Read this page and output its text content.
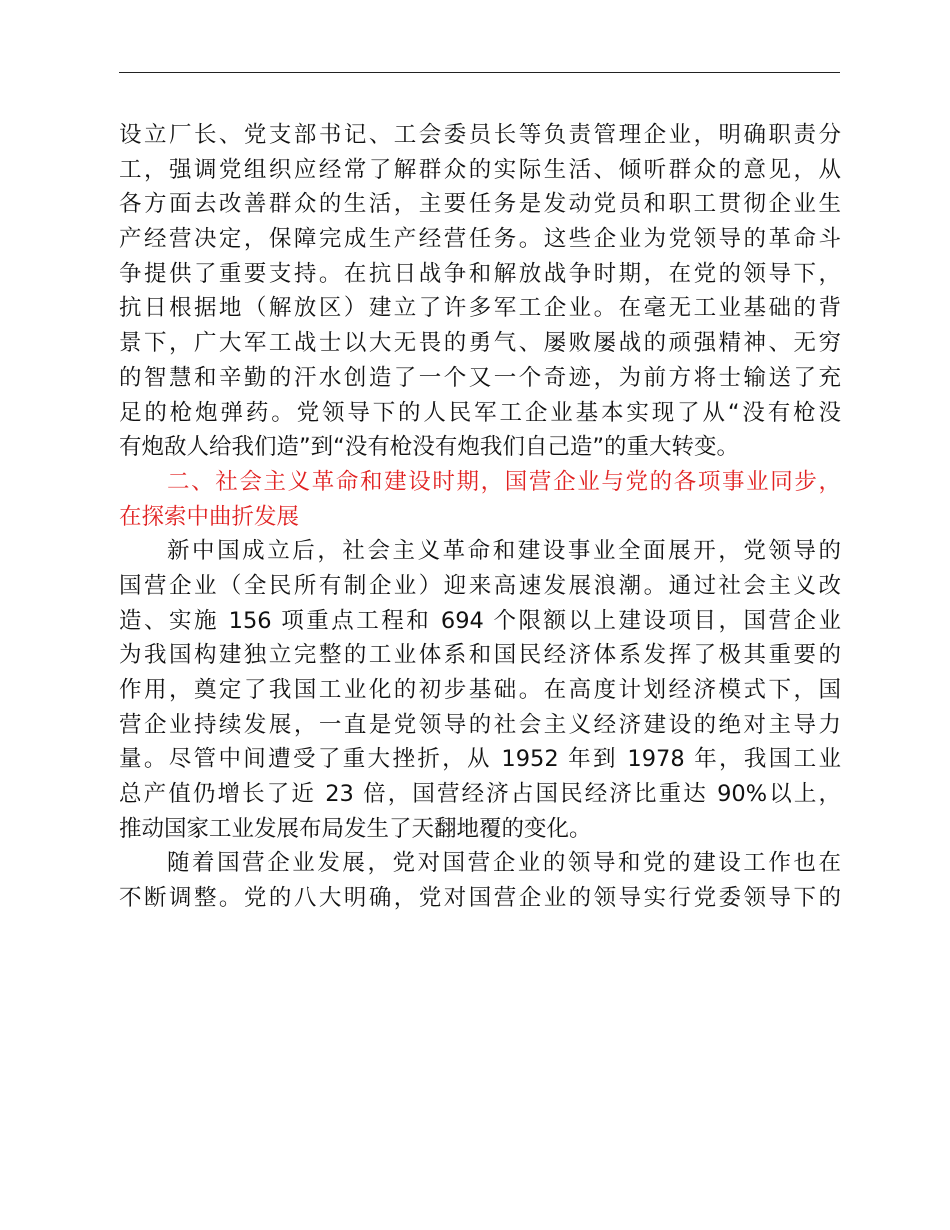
设立厂长、党支部书记、工会委员长等负责管理企业，明确职责分
工，强调党组织应经常了解群众的实际生活、倾听群众的意见，从
各方面去改善群众的生活，主要任务是发动党员和职工贯彻企业生
产经营决定，保障完成生产经营任务。这些企业为党领导的革命斗
争提供了重要支持。在抗日战争和解放战争时期，在党的领导下，
抗日根据地（解放区）建立了许多军工企业。在毫无工业基础的背
景下，广大军工战士以大无畏的勇气、屡败屡战的顽强精神、无穷
的智慧和辛勤的汗水创造了一个又一个奇迹，为前方将士输送了充
足的枪炮弹药。党领导下的人民军工企业基本实现了从“没有枪没
有炮敌人给我们造”到“没有枪没有炮我们自己造”的重大转变。
二、社会主义革命和建设时期，国营企业与党的各项事业同步，
在探索中曲折发展
新中国成立后，社会主义革命和建设事业全面展开，党领导的
国营企业（全民所有制企业）迎来高速发展浪潮。通过社会主义改
造、实施 156 项重点工程和 694 个限额以上建设项目，国营企业
为我国构建独立完整的工业体系和国民经济体系发挥了极其重要的
作用，奠定了我国工业化的初步基础。在高度计划经济模式下，国
营企业持续发展，一直是党领导的社会主义经济建设的绝对主导力
量。尽管中间遭受了重大挫折，从 1952 年到 1978 年，我国工业
总产值仍增长了近 23 倍，国营经济占国民经济比重达 90%以上，
推动国家工业发展布局发生了天翻地覆的变化。
随着国营企业发展，党对国营企业的领导和党的建设工作也在
不断调整。党的八大明确，党对国营企业的领导实行党委领导下的
